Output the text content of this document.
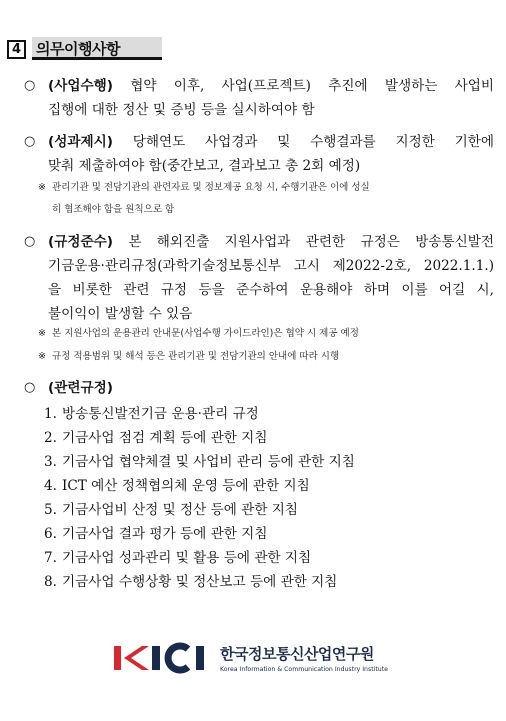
4 의무이행사항
○ (사업수행) 협약 이후, 사업(프로젝트) 추진에 발생하는 사업비
집행에 대한 정산 및 증빙 등을 실시하여야 함
○ (성과제시) 당해연도 사업경과 및 수행결과를 지정한 기한에
맞춰 제출하여야 함(중간보고, 결과보고 총 2회 예정)
※ 관리기관 및 전담기관의 관련자료 및 정보제공 요청 시, 수행기관은 이에 성실
히 협조해야 함을 원칙으로 함
○ (규정준수) 본 해외진출 지원사업과 관련한 규정은 방송통신발전
기금운용·관리규정(과학기술정보통신부 고시 제2022-2호, 2022.1.1.)
을 비롯한 관련 규정 등을 준수하여 운용해야 하며 이를 어길 시,
불이익이 발생할 수 있음
※ 본 지원사업의 운용관리 안내문(사업수행 가이드라인)은 협약 시 제공 예정
※ 규정 적용범위 및 해석 등은 관리기관 및 전담기관의 안내에 따라 시행
○ (관련규정)
1. 방송통신발전기금 운용·관리 규정
2. 기금사업 점검 계획 등에 관한 지침
3. 기금사업 협약체결 및 사업비 관리 등에 관한 지침
4. ICT 예산 정책협의체 운영 등에 관한 지침
5. 기금사업비 산정 및 정산 등에 관한 지침
6. 기금사업 결과 평가 등에 관한 지침
7. 기금사업 성과관리 및 활용 등에 관한 지침
8. 기금사업 수행상황 및 정산보고 등에 관한 지침
한국정보통신산업연구원
Korea Information & Communication Industry Institute
